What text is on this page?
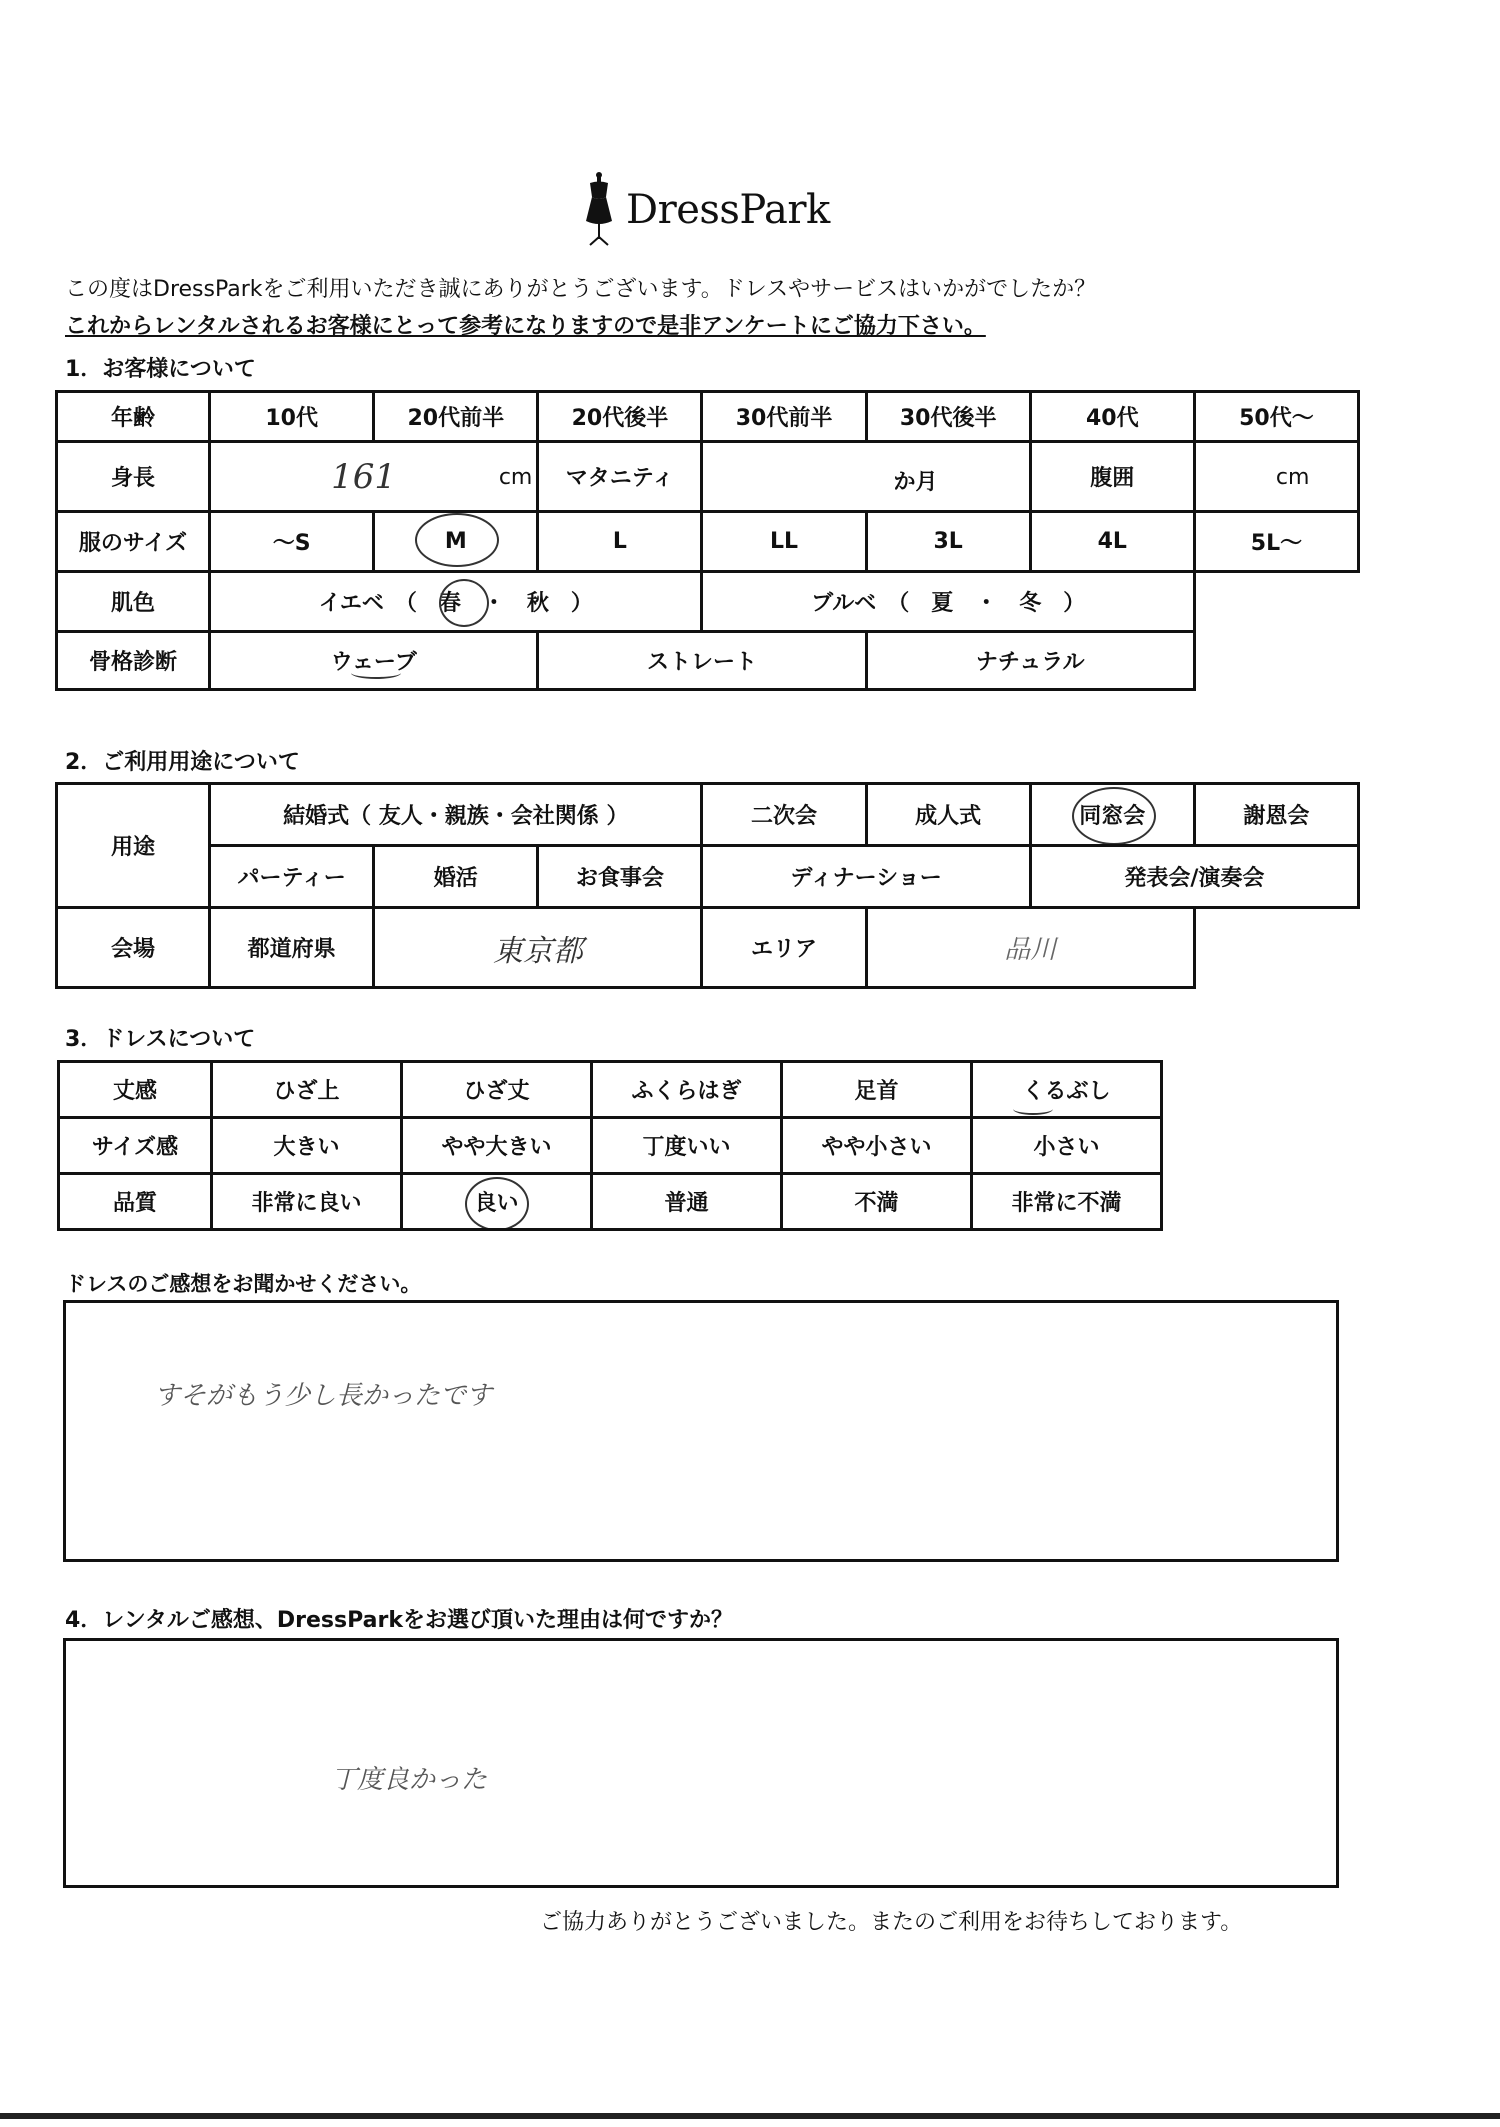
DressPark
この度はDressParkをご利用いただき誠にありがとうございます。ドレスやサービスはいかがでしたか？
これからレンタルされるお客様にとって参考になりますので是非アンケートにご協力下さい。
1．お客様について
年齢	10代	20代前半	20代後半	30代前半	30代後半	40代	50代～
身長	161 cm		マタニティ	か月		腹囲	cm

服のサイズ	～S	M	L	LL	3L	4L	5L～
肌色	イエベ　（　春　・　秋　）			ブルベ　（　夏　・　冬　）			
骨格診断	ウェーブ		ストレート		ナチュラル		
2．ご利用用途について
用途	結婚式（ 友人・親族・会社関係 ）			二次会	成人式	同窓会	謝恩会
	パーティー	婚活	お食事会	ディナーショー		発表会/演奏会	
会場	都道府県	東京都		エリア	品川		
3．ドレスについて
丈感	ひざ上	ひざ丈	ふくらはぎ	足首	くるぶし

サイズ感	大きい	やや大きい	丁度いい	やや小さい	小さい
品質	非常に良い	良い	普通	不満	非常に不満
ドレスのご感想をお聞かせください。
すそがもう少し長かったです
4．レンタルご感想、DressParkをお選び頂いた理由は何ですか？
丁度良かった
ご協力ありがとうございました。またのご利用をお待ちしております。
